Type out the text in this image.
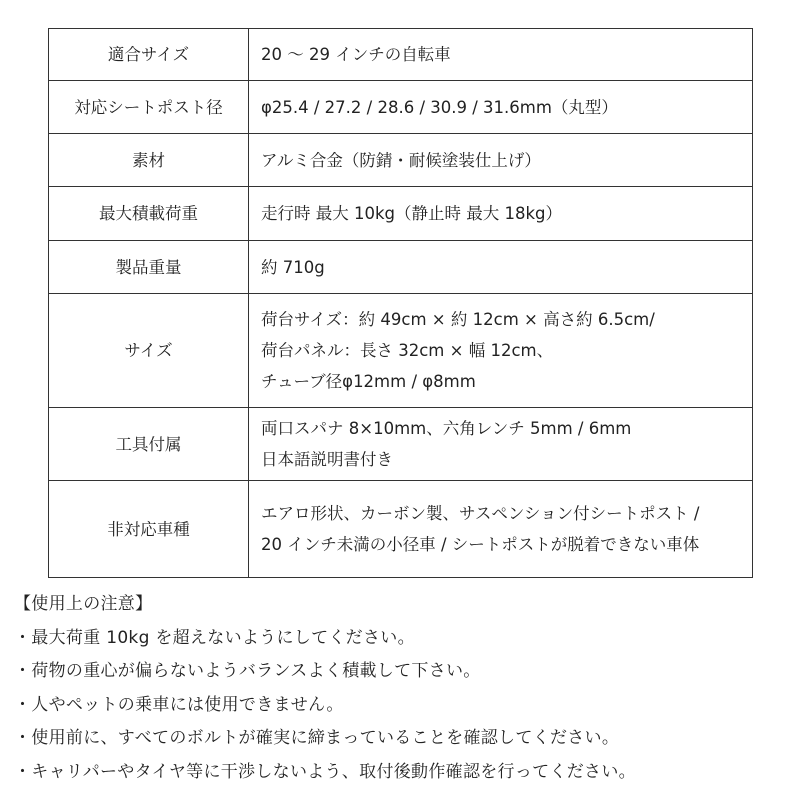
適合サイズ	20 ～ 29 インチの自転車

対応シートポスト径	φ25.4 / 27.2 / 28.6 / 30.9 / 31.6mm（丸型）

素材	アルミ合金（防錆・耐候塗装仕上げ）

最大積載荷重	走行時 最大 10kg（静止時 最大 18kg）

製品重量	約 710g

サイズ	荷台サイズ：約 49cm × 約 12cm × 高さ約 6.5cm/
荷台パネル：長さ 32cm × 幅 12cm、
チューブ径φ12mm / φ8mm

工具付属	両口スパナ 8×10mm、六角レンチ 5mm / 6mm
日本語説明書付き

非対応車種	エアロ形状、カーボン製、サスペンション付シートポスト /
20 インチ未満の小径車 / シートポストが脱着できない車体
【使用上の注意】
・最大荷重 10kg を超えないようにしてください。
・荷物の重心が偏らないようバランスよく積載して下さい。
・人やペットの乗車には使用できません。
・使用前に、すべてのボルトが確実に締まっていることを確認してください。
・キャリパーやタイヤ等に干渉しないよう、取付後動作確認を行ってください。
